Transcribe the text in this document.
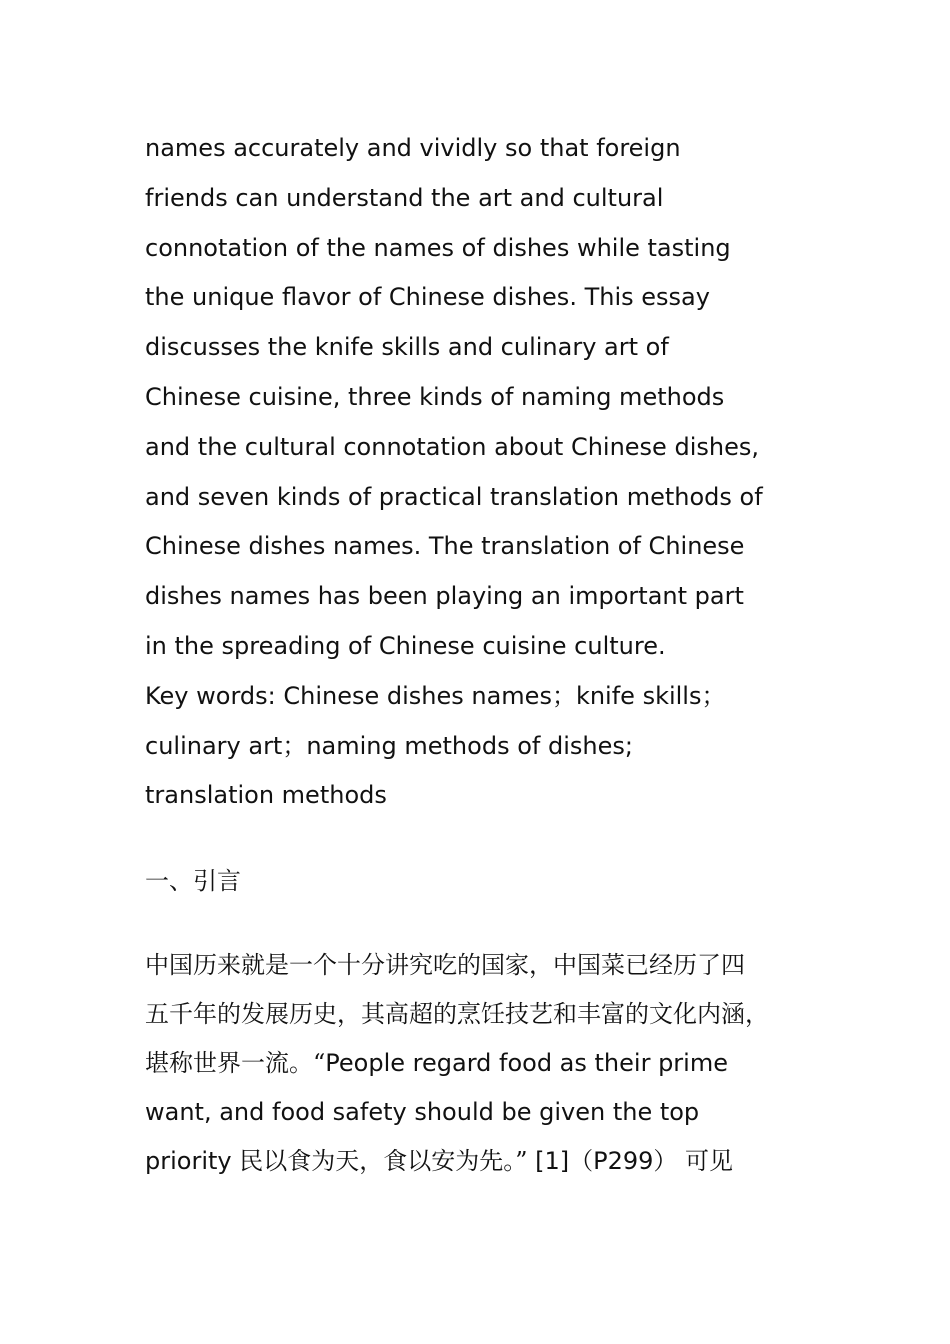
names accurately and vividly so that foreign
friends can understand the art and cultural
connotation of the names of dishes while tasting
the unique flavor of Chinese dishes. This essay
discusses the knife skills and culinary art of
Chinese cuisine, three kinds of naming methods
and the cultural connotation about Chinese dishes,
and seven kinds of practical translation methods of
Chinese dishes names. The translation of Chinese
dishes names has been playing an important part
in the spreading of Chinese cuisine culture.
Key words: Chinese dishes names；knife skills；
culinary art；naming methods of dishes;
translation methods
一、引言
中国历来就是一个十分讲究吃的国家，中国菜已经历了四
五千年的发展历史，其高超的烹饪技艺和丰富的文化内涵，
堪称世界一流。“People regard food as their prime
want, and food safety should be given the top
priority 民以食为天，食以安为先。” [1]（P299） 可见
